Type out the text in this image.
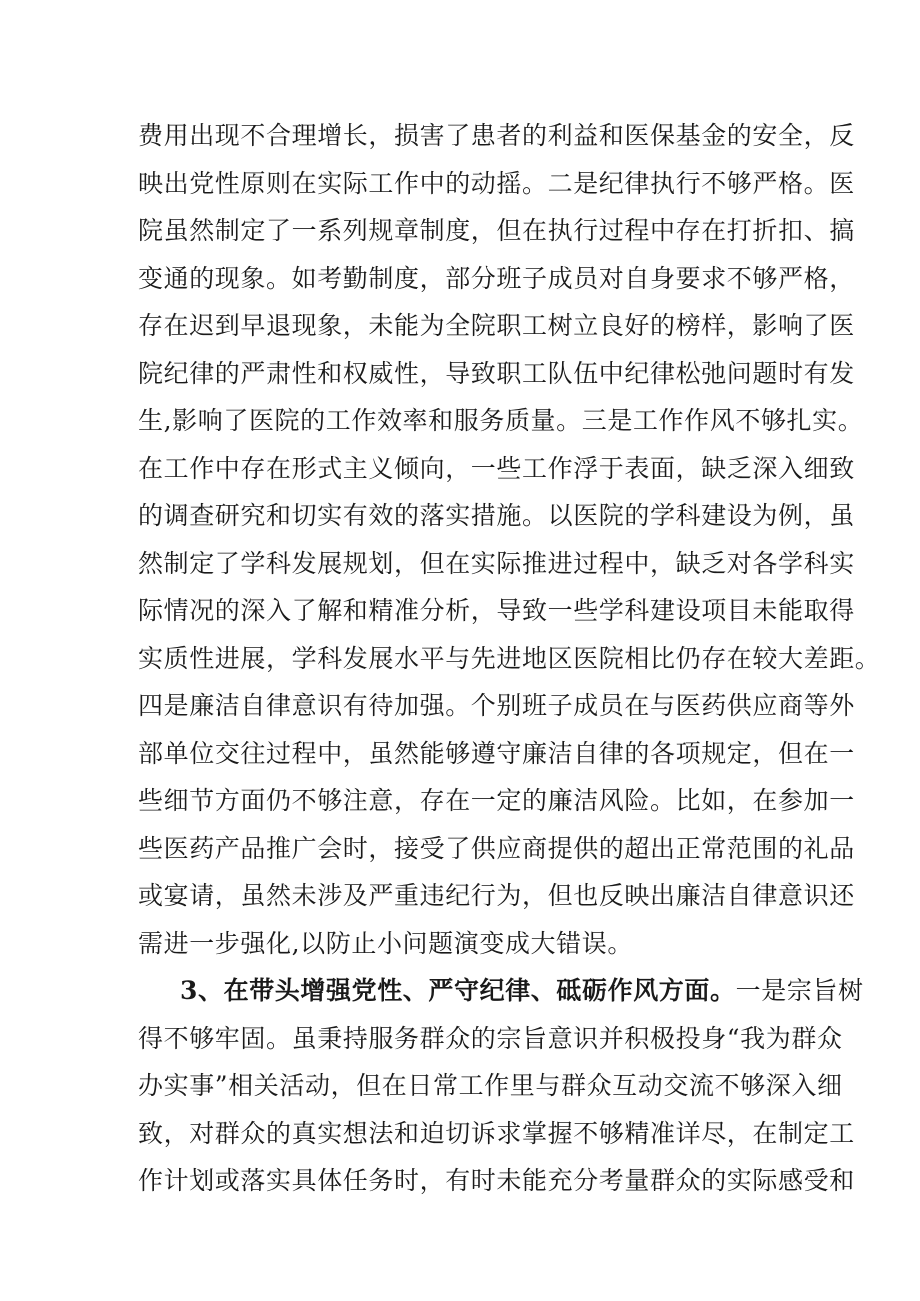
费用出现不合理增长，损害了患者的利益和医保基金的安全，反
映出党性原则在实际工作中的动摇。二是纪律执行不够严格。医
院虽然制定了一系列规章制度，但在执行过程中存在打折扣、搞
变通的现象。如考勤制度，部分班子成员对自身要求不够严格，
存在迟到早退现象，未能为全院职工树立良好的榜样，影响了医
院纪律的严肃性和权威性，导致职工队伍中纪律松弛问题时有发
生,影响了医院的工作效率和服务质量。三是工作作风不够扎实。
在工作中存在形式主义倾向，一些工作浮于表面，缺乏深入细致
的调查研究和切实有效的落实措施。以医院的学科建设为例，虽
然制定了学科发展规划，但在实际推进过程中，缺乏对各学科实
际情况的深入了解和精准分析，导致一些学科建设项目未能取得
实质性进展，学科发展水平与先进地区医院相比仍存在较大差距。
四是廉洁自律意识有待加强。个别班子成员在与医药供应商等外
部单位交往过程中，虽然能够遵守廉洁自律的各项规定，但在一
些细节方面仍不够注意，存在一定的廉洁风险。比如，在参加一
些医药产品推广会时，接受了供应商提供的超出正常范围的礼品
或宴请，虽然未涉及严重违纪行为，但也反映出廉洁自律意识还
需进一步强化,以防止小问题演变成大错误。
3、在带头增强党性、严守纪律、砥砺作风方面。一是宗旨树
得不够牢固。虽秉持服务群众的宗旨意识并积极投身“我为群众
办实事”相关活动，但在日常工作里与群众互动交流不够深入细
致，对群众的真实想法和迫切诉求掌握不够精准详尽，在制定工
作计划或落实具体任务时，有时未能充分考量群众的实际感受和
